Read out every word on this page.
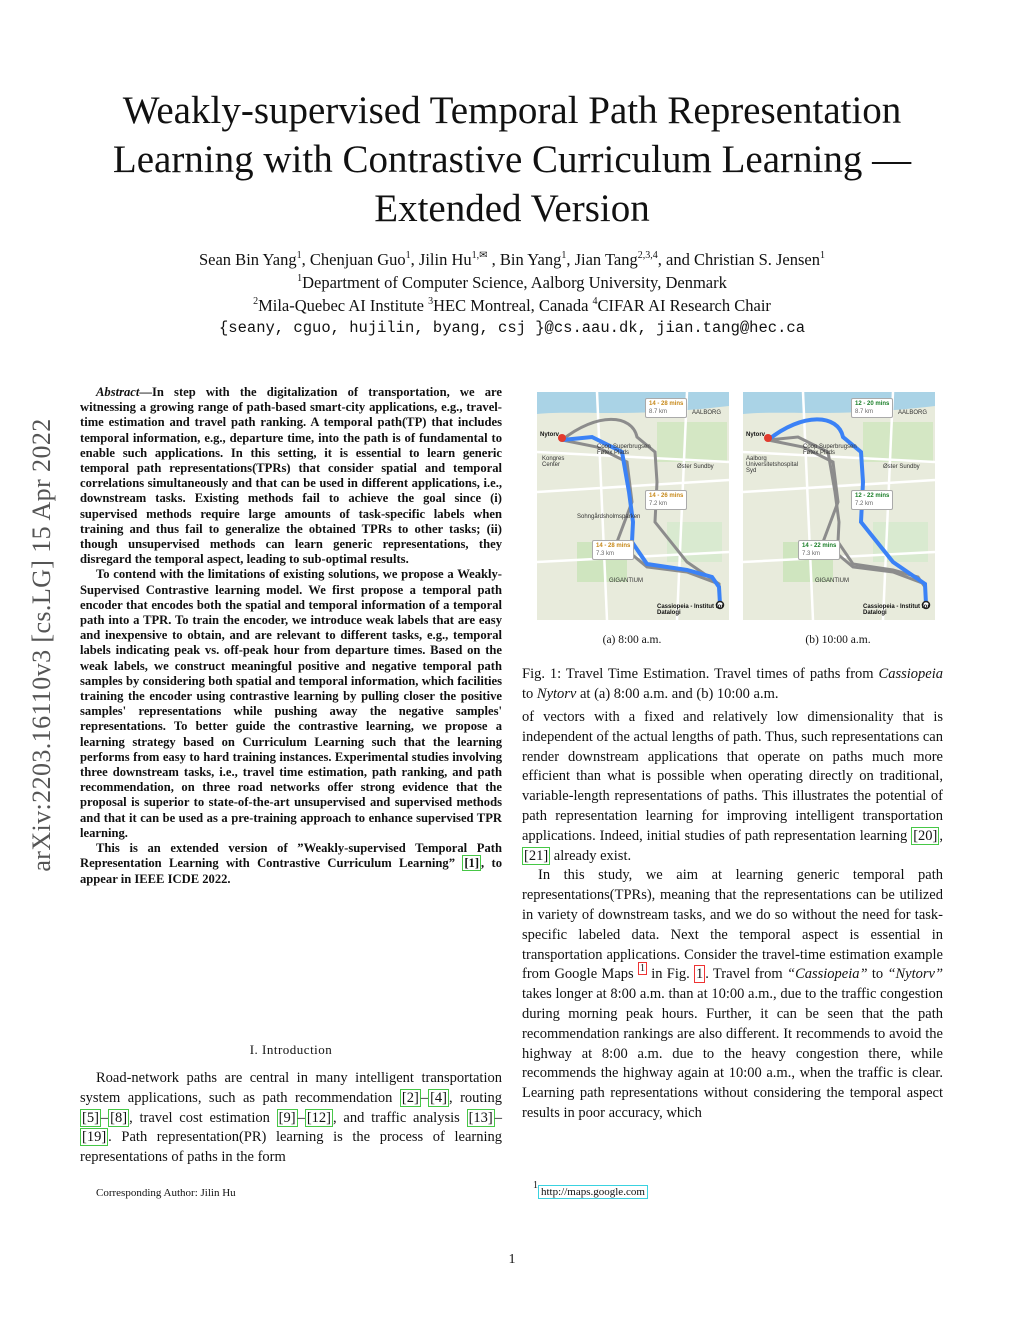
arXiv:2203.16110v3 [cs.LG] 15 Apr 2022
Weakly-supervised Temporal Path Representation
Learning with Contrastive Curriculum Learning —
Extended Version
Sean Bin Yang$^1$, Chenjuan Guo$^1$, Jilin $Hu^{1,✉}$ , Bin Yang$^1$, Jian Tang$^{2,3,4}$, and Christian S. Jensen$^1$
$^1$Department of Computer Science, Aalborg University, Denmark
$^2$Mila-Quebec AI Institute $^3$HEC Montreal, Canada $^4$CIFAR AI Research Chair
{seany, cguo, hujilin, byang, csj }@cs.aau.dk, jian.tang@hec.ca

Abstract—In step with the digitalization of transportation, we are witnessing a growing range of path-based smart-city applications, e.g., travel-time estimation and travel path ranking. A temporal path(TP) that includes temporal information, e.g., departure time, into the path is of fundamental to enable such applications. In this setting, it is essential to learn generic temporal path representations(TPRs) that consider spatial and temporal correlations simultaneously and that can be used in different applications, i.e., downstream tasks. Existing methods fail to achieve the goal since (i) supervised methods require large amounts of task-specific labels when training and thus fail to generalize the obtained TPRs to other tasks; (ii) though unsupervised methods can learn generic representations, they disregard the temporal aspect, leading to sub-optimal results.

To contend with the limitations of existing solutions, we propose a Weakly-Supervised Contrastive learning model. We first propose a temporal path encoder that encodes both the spatial and temporal information of a temporal path into a TPR. To train the encoder, we introduce weak labels that are easy and inexpensive to obtain, and are relevant to different tasks, e.g., temporal labels indicating peak vs. off-peak hour from departure times. Based on the weak labels, we construct meaningful positive and negative temporal path samples by considering both spatial and temporal information, which facilities training the encoder using contrastive learning by pulling closer the positive samples' representations while pushing away the negative samples' representations. To better guide the contrastive learning, we propose a learning strategy based on Curriculum Learning such that the learning performs from easy to hard training instances. Experimental studies involving three downstream tasks, i.e., travel time estimation, path ranking, and path recommendation, on three road networks offer strong evidence that the proposal is superior to state-of-the-art unsupervised and supervised methods and that it can be used as a pre-training approach to enhance supervised TPR learning.

This is an extended version of ”Weakly-supervised Temporal Path Representation Learning with Contrastive Curriculum Learning” [1] , to appear in IEEE ICDE 2022.

I. Introduction

Road-network paths are central in many intelligent transportation system applications, such as path recommendation [2] – [4] , routing [5] – [8] , travel cost estimation [9] – [12] , and traffic analysis [13] –[19] . Path representation(PR) learning is the process of learning representations of paths in the form

Corresponding Author: Jilin Hu
14 - 28 mins
8.7 km
14 - 26 mins
7.2 km
14 - 28 mins
7.3 km
Nytorv
Coop Superbrugsen Føtex Plads
AALBORG
Øster Sundby
Kongres Center
Sohngårdsholmsparken
GIGANTIUM
Cassiopeia - Institut for Datalogi
12 - 20 mins
8.7 km
12 - 22 mins
7.2 km
14 - 22 mins
7.3 km
Nytorv
Coop Superbrugsen Føtex Plads
AALBORG
Øster Sundby
Aalborg Universitetshospital Syd
GIGANTIUM
Cassiopeia - Institut for Datalogi
(a) 8:00 a.m.	(b) 10:00 a.m.
Fig. 1: Travel Time Estimation. Travel times of paths from Cassiopeia to Nytorv at (a) 8:00 a.m. and (b) 10:00 a.m.

of vectors with a fixed and relatively low dimensionality that is independent of the actual lengths of path. Thus, such representations can render downstream applications that operate on paths much more efficient than what is possible when operating directly on traditional, variable-length representations of paths. This illustrates the potential of path representation learning for improving intelligent transportation applications. Indeed, initial studies of path representation learning [20] , [21] already exist.

In this study, we aim at learning generic temporal path representations(TPRs), meaning that the representations can be utilized in variety of downstream tasks, and we do so without the need for task-specific labeled data. Next the temporal aspect is essential in transportation applications. Consider the travel-time estimation example from Google Maps $^1$ in Fig. 1 . Travel from “Cassiopeia” to “Nytorv” takes longer at 8:00 a.m. than at 10:00 a.m., due to the traffic congestion during morning peak hours. Further, it can be seen that the path recommendation rankings are also different. It recommends to avoid the highway at 8:00 a.m. due to the heavy congestion there, while recommends the highway again at 10:00 a.m., when the traffic is clear. Learning path representations without considering the temporal aspect results in poor accuracy, which

$^1$http://maps.google.com
1
